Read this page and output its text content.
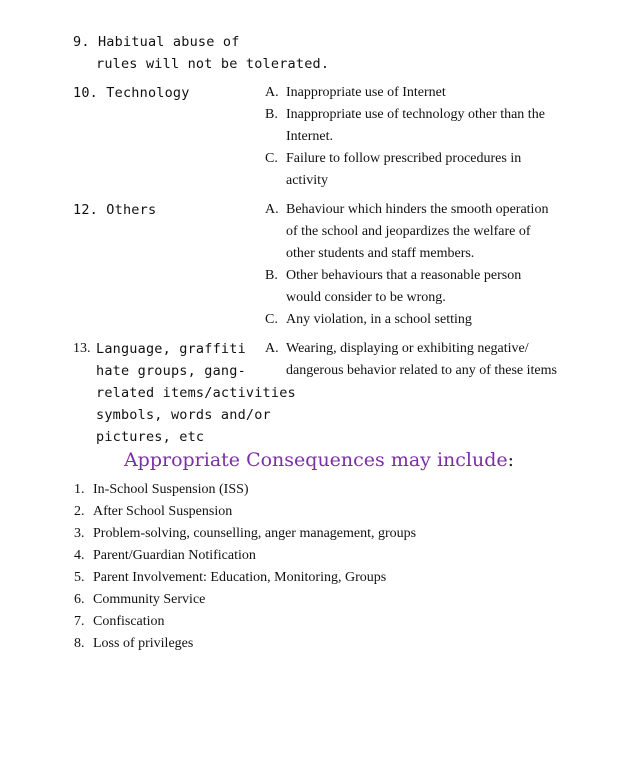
9. Habitual abuse of
rules will not be tolerated.
10. Technology	A. Inappropriate use of Internet
B. Inappropriate use of technology other than the
Internet.
C. Failure to follow prescribed procedures in
activity
12. Others	A. Behaviour which hinders the smooth operation
of the school and jeopardizes the welfare of
other students and staff members.
B. Other behaviours that a reasonable person
would consider to be wrong.
C. Any violation, in a school setting
13. Language, graffiti
hate groups, gang-
related items/activities
symbols, words and/or
pictures, etc
A. Wearing, displaying or exhibiting negative/
dangerous behavior related to any of these items
Appropriate Consequences may include:
1. In-School Suspension (ISS)
2. After School Suspension
3. Problem-solving, counselling, anger management, groups
4. Parent/Guardian Notification
5. Parent Involvement: Education, Monitoring, Groups
6. Community Service
7. Confiscation
8. Loss of privileges
